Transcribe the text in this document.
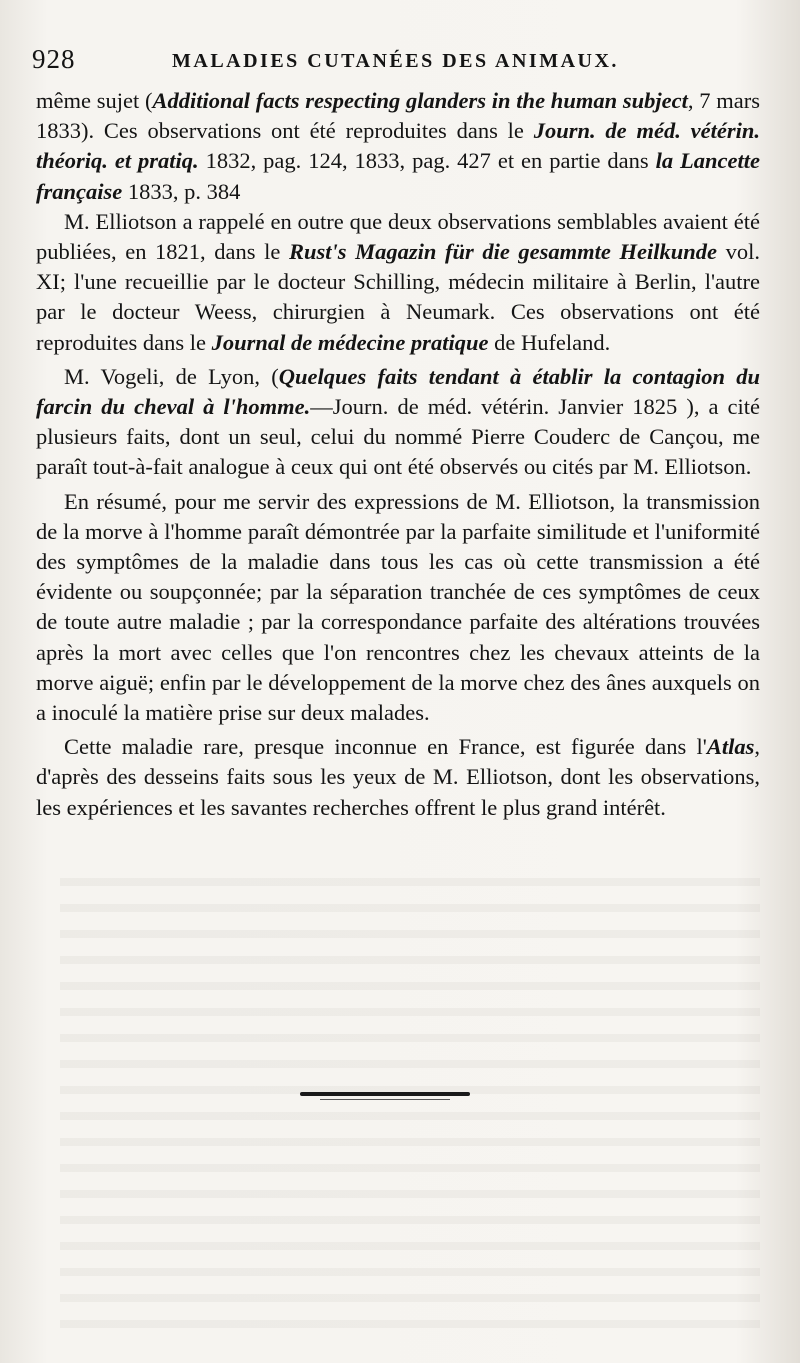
928	MALADIES CUTANÉES DES ANIMAUX.

même sujet (Additional facts respecting glanders in the human subject, 7 mars 1833). Ces observations ont été reproduites dans le Journ. de méd. vétérin. théoriq. et pratiq. 1832, pag. 124, 1833, pag. 427 et en partie dans la Lancette française 1833, p. 384

M. Elliotson a rappelé en outre que deux observations semblables avaient été publiées, en 1821, dans le Rust's Magazin für die gesammte Heilkunde vol. XI; l'une recueillie par le docteur Schilling, médecin militaire à Berlin, l'autre par le docteur Weess, chirurgien à Neumark. Ces observations ont été reproduites dans le Journal de médecine pratique de Hufeland.

M. Vogeli, de Lyon, (Quelques faits tendant à établir la contagion du farcin du cheval à l'homme.—Journ. de méd. vétérin. Janvier 1825 ), a cité plusieurs faits, dont un seul, celui du nommé Pierre Couderc de Cançou, me paraît tout-à-fait analogue à ceux qui ont été observés ou cités par M. Elliotson.

En résumé, pour me servir des expressions de M. Elliotson, la transmission de la morve à l'homme paraît démontrée par la parfaite similitude et l'uniformité des symptômes de la maladie dans tous les cas où cette transmission a été évidente ou soupçonnée; par la séparation tranchée de ces symptômes de ceux de toute autre maladie ; par la correspondance parfaite des altérations trouvées après la mort avec celles que l'on rencontres chez les chevaux atteints de la morve aiguë; enfin par le développement de la morve chez des ânes auxquels on a inoculé la matière prise sur deux malades.

Cette maladie rare, presque inconnue en France, est figurée dans l'Atlas, d'après des desseins faits sous les yeux de M. Elliotson, dont les observations, les expériences et les savantes recherches offrent le plus grand intérêt.
